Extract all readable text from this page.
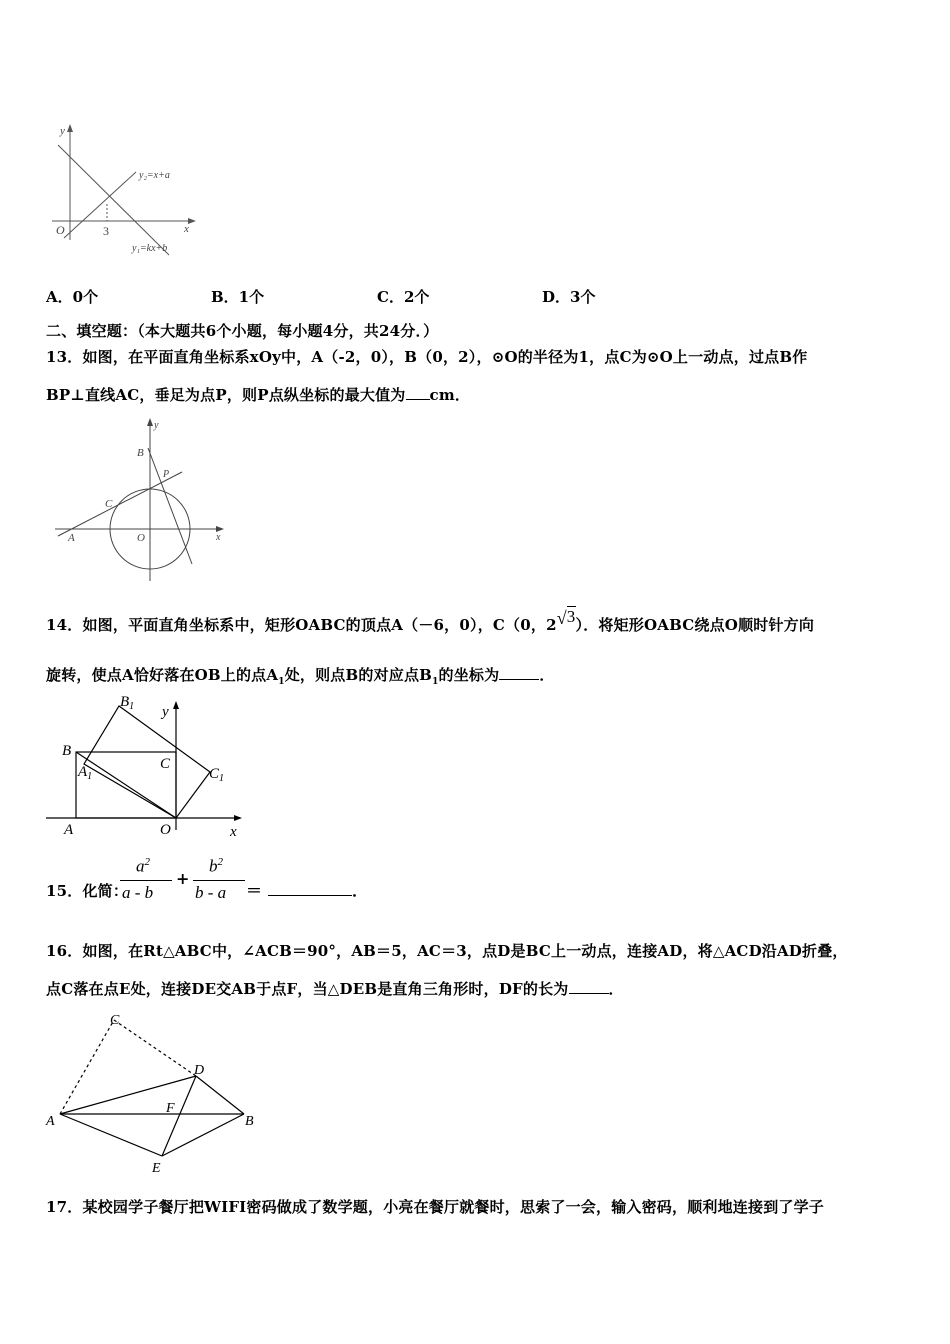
y
x
O	3
y₂=x+a
y₁=kx+b
A．0个	B．1个	C．2个	D．3个
二、填空题：（本大题共6个小题，每小题4分，共24分．）
13．如图，在平面直角坐标系xOy中，A（-2，0），B（0，2），⊙O的半径为1，点C为⊙O上一动点，过点B作
BP⊥直线AC，垂足为点P，则P点纵坐标的最大值为 cm．
y
x
B
P
C
A	O
14．如图，平面直角坐标系中，矩形OABC的顶点A（－6，0），C（0，2√3）．将矩形OABC绕点O顺时针方向
旋转，使点A恰好落在OB上的点$A_1$处，则点B的对应点$B_1$的坐标为	．
$B_1$ y
B
$A_1$
C
$C_1$
A	O	x
15．化简：
$a^2$
a - b
+
$b^2$
b - a ＝	．
16．如图，在Rt△ABC中，∠ACB＝90°，AB＝5，AC＝3，点D是BC上一动点，连接AD，将△ACD沿AD折叠，
点C落在点E处，连接DE交AB于点F，当△DEB是直角三角形时，DF的长为	．
C
D
A
F
B
E
17．某校园学子餐厅把WIFI密码做成了数学题，小亮在餐厅就餐时，思索了一会，输入密码，顺利地连接到了学子
